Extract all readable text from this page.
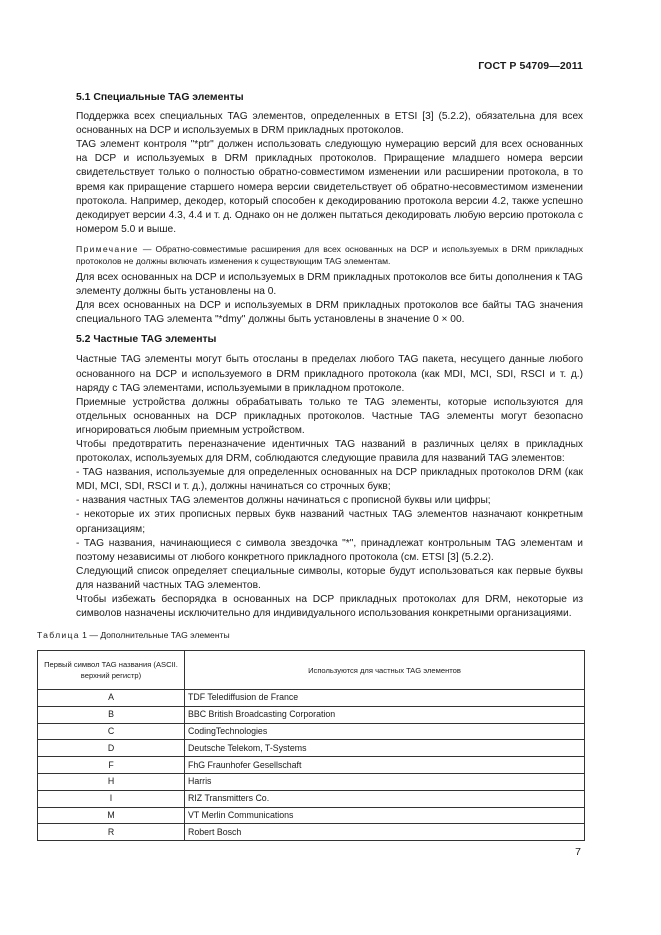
ГОСТ Р 54709—2011
5.1 Специальные TAG элементы

Поддержка всех специальных TAG элементов, определенных в ETSI [3] (5.2.2), обязательна для всех основанных на DCP и используемых в DRM прикладных протоколов.

TAG элемент контроля "*ptr" должен использовать следующую нумерацию версий для всех основанных на DCP и используемых в DRM прикладных протоколов. Приращение младшего номера версии свидетельствует только о полностью обратно-совместимом изменении или расширении протокола, в то время как приращение старшего номера версии свидетельствует об обратно-несовместимом изменении протокола. Например, декодер, который способен к декодированию протокола версии 4.2, также успешно декодирует версии 4.3, 4.4 и т. д. Однако он не должен пытаться декодировать любую версию протокола с номером 5.0 и выше.

Примечание — Обратно-совместимые расширения для всех основанных на DCP и используемых в DRM прикладных протоколов не должны включать изменения к существующим TAG элементам.

Для всех основанных на DCP и используемых в DRM прикладных протоколов все биты дополнения к TAG элементу должны быть установлены на 0.

Для всех основанных на DCP и используемых в DRM прикладных протоколов все байты TAG значения специального TAG элемента "*dmy" должны быть установлены в значение 0 × 00.

5.2 Частные TAG элементы

Частные TAG элементы могут быть отосланы в пределах любого TAG пакета, несущего данные любого основанного на DCP и используемого в DRM прикладного протокола (как MDI, MCI, SDI, RSCI и т. д.) наряду с TAG элементами, используемыми в прикладном протоколе.

Приемные устройства должны обрабатывать только те TAG элементы, которые используются для отдельных основанных на DCP прикладных протоколов. Частные TAG элементы могут безопасно игнорироваться любым приемным устройством.

Чтобы предотвратить переназначение идентичных TAG названий в различных целях в прикладных протоколах, используемых для DRM, соблюдаются следующие правила для названий TAG элементов:

- TAG названия, используемые для определенных основанных на DCP прикладных протоколов DRM (как MDI, MCI, SDI, RSCI и т. д.), должны начинаться со строчных букв;

- названия частных TAG элементов должны начинаться с прописной буквы или цифры;

- некоторые их этих прописных первых букв названий частных TAG элементов назначают конкретным организациям;

- TAG названия, начинающиеся с символа звездочка "*", принадлежат контрольным TAG элементам и поэтому независимы от любого конкретного прикладного протокола (см. ETSI [3] (5.2.2).

Следующий список определяет специальные символы, которые будут использоваться как первые буквы для названий частных TAG элементов.

Чтобы избежать беспорядка в основанных на DCP прикладных протоколах для DRM, некоторые из символов назначены исключительно для индивидуального использования конкретными организациями.

Таблица 1 — Дополнительные TAG элементы
Первый символ TAG названия (ASCII. верхний регистр)	Используются для частных TAG элементов
A	TDF Telediffusion de France
B	BBC British Broadcasting Corporation
C	CodingTechnologies
D	Deutsche Telekom, T-Systems
F	FhG Fraunhofer Gesellschaft
H	Harris
I	RIZ Transmitters Co.
M	VT Merlin Communications
R	Robert Bosch
7
